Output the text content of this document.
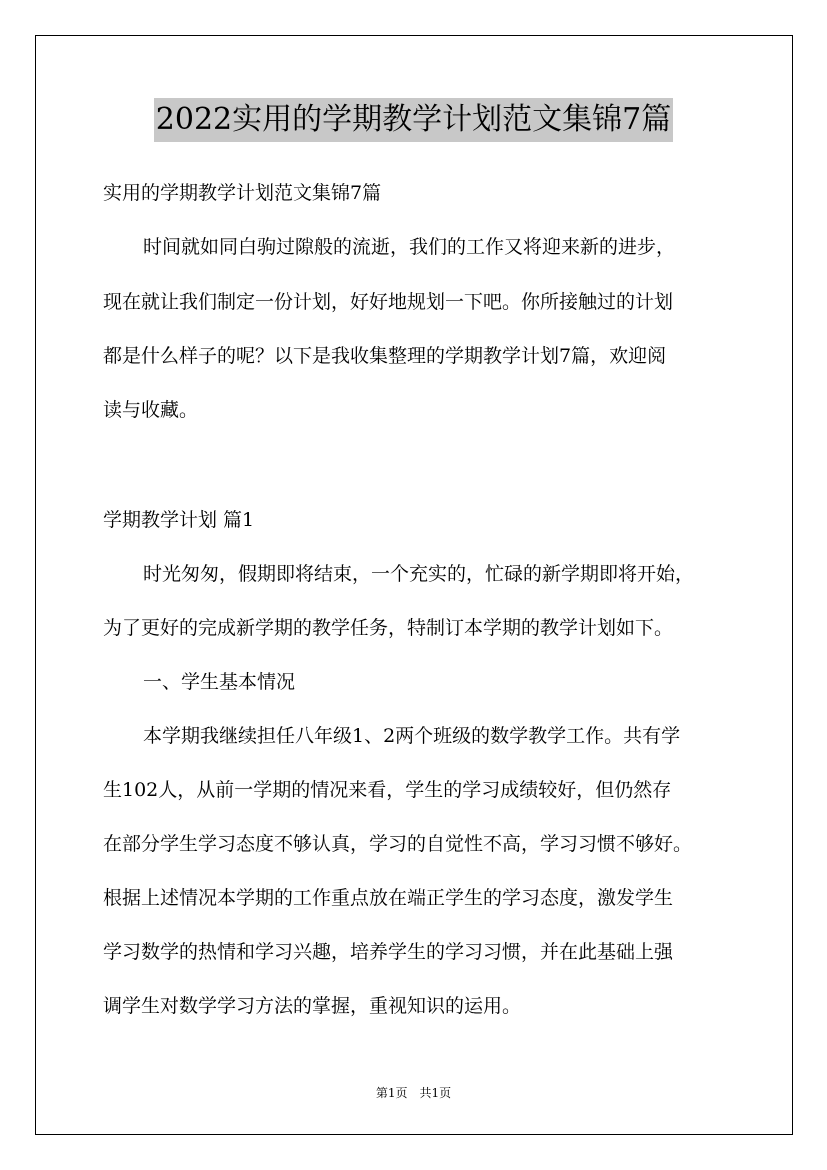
2022实用的学期教学计划范文集锦7篇
实用的学期教学计划范文集锦7篇
时间就如同白驹过隙般的流逝，我们的工作又将迎来新的进步，
现在就让我们制定一份计划，好好地规划一下吧。你所接触过的计划
都是什么样子的呢？以下是我收集整理的学期教学计划7篇，欢迎阅
读与收藏。
学期教学计划 篇1
时光匆匆，假期即将结束，一个充实的，忙碌的新学期即将开始，
为了更好的完成新学期的教学任务，特制订本学期的教学计划如下。
一、学生基本情况
本学期我继续担任八年级1、2两个班级的数学教学工作。共有学
生102人，从前一学期的情况来看，学生的学习成绩较好，但仍然存
在部分学生学习态度不够认真，学习的自觉性不高，学习习惯不够好。
根据上述情况本学期的工作重点放在端正学生的学习态度，激发学生
学习数学的热情和学习兴趣，培养学生的学习习惯，并在此基础上强
调学生对数学学习方法的掌握，重视知识的运用。
第1页　共1页
